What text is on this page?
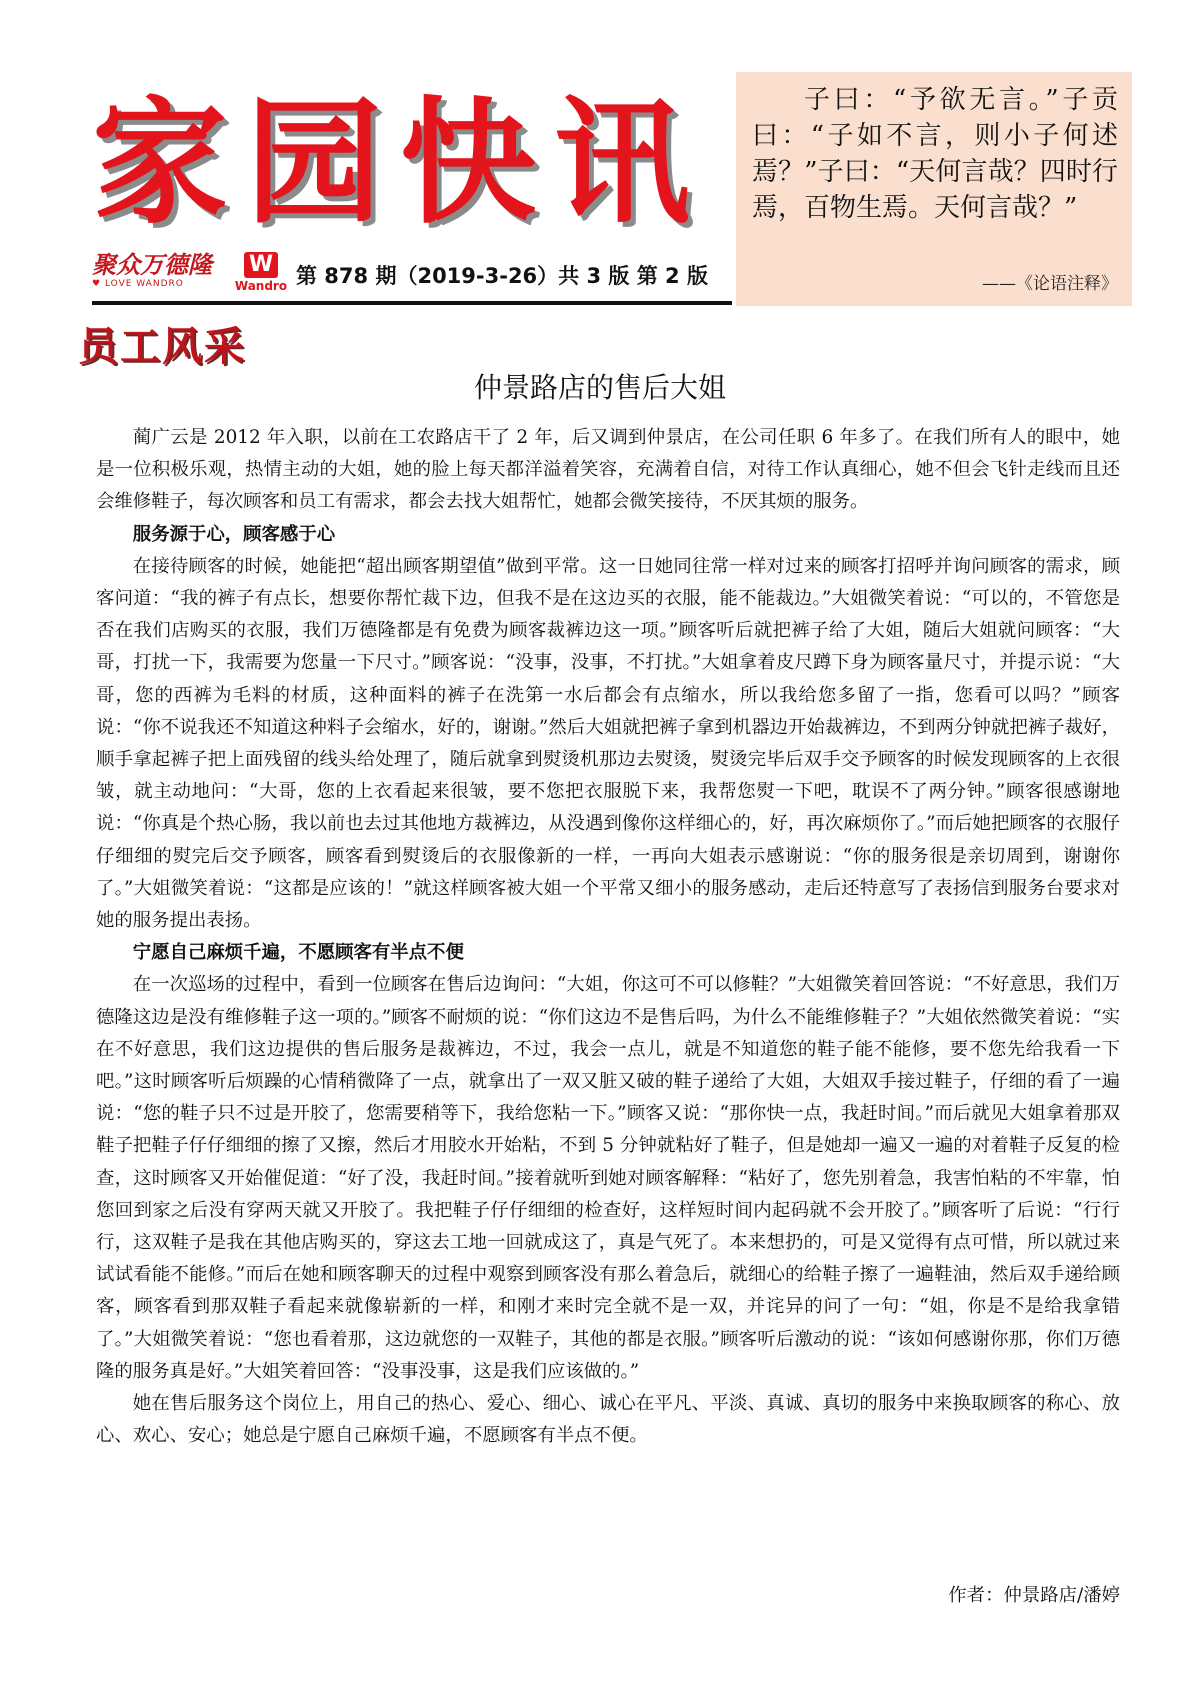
家园快讯
聚众万德隆
♥ LOVE WANDRO
W
Wandro 第 878 期（2019-3-26）共 3 版 第 2 版
子曰：“予欲无言。”子贡曰：“子如不言，则小子何述焉？”子曰：“天何言哉？四时行焉，百物生焉。天何言哉？”
——《论语注释》
员工风采
仲景路店的售后大姐

蔺广云是 2012 年入职，以前在工农路店干了 2 年，后又调到仲景店，在公司任职 6 年多了。在我们所有人的眼中，她是一位积极乐观，热情主动的大姐，她的脸上每天都洋溢着笑容，充满着自信，对待工作认真细心，她不但会飞针走线而且还会维修鞋子，每次顾客和员工有需求，都会去找大姐帮忙，她都会微笑接待，不厌其烦的服务。

服务源于心，顾客感于心

在接待顾客的时候，她能把“超出顾客期望值”做到平常。这一日她同往常一样对过来的顾客打招呼并询问顾客的需求，顾客问道：“我的裤子有点长，想要你帮忙裁下边，但我不是在这边买的衣服，能不能裁边。”大姐微笑着说：“可以的，不管您是否在我们店购买的衣服，我们万德隆都是有免费为顾客裁裤边这一项。”顾客听后就把裤子给了大姐，随后大姐就问顾客：“大哥，打扰一下，我需要为您量一下尺寸。”顾客说：“没事，没事，不打扰。”大姐拿着皮尺蹲下身为顾客量尺寸，并提示说：“大哥，您的西裤为毛料的材质，这种面料的裤子在洗第一水后都会有点缩水，所以我给您多留了一指，您看可以吗？”顾客说：“你不说我还不知道这种料子会缩水，好的，谢谢。”然后大姐就把裤子拿到机器边开始裁裤边，不到两分钟就把裤子裁好，顺手拿起裤子把上面残留的线头给处理了，随后就拿到熨烫机那边去熨烫，熨烫完毕后双手交予顾客的时候发现顾客的上衣很皱，就主动地问：“大哥，您的上衣看起来很皱，要不您把衣服脱下来，我帮您熨一下吧，耽误不了两分钟。”顾客很感谢地说：“你真是个热心肠，我以前也去过其他地方裁裤边，从没遇到像你这样细心的，好，再次麻烦你了。”而后她把顾客的衣服仔仔细细的熨完后交予顾客，顾客看到熨烫后的衣服像新的一样，一再向大姐表示感谢说：“你的服务很是亲切周到，谢谢你了。”大姐微笑着说：“这都是应该的！”就这样顾客被大姐一个平常又细小的服务感动，走后还特意写了表扬信到服务台要求对她的服务提出表扬。

宁愿自己麻烦千遍，不愿顾客有半点不便

在一次巡场的过程中，看到一位顾客在售后边询问：“大姐，你这可不可以修鞋？”大姐微笑着回答说：“不好意思，我们万德隆这边是没有维修鞋子这一项的。”顾客不耐烦的说：“你们这边不是售后吗，为什么不能维修鞋子？”大姐依然微笑着说：“实在不好意思，我们这边提供的售后服务是裁裤边，不过，我会一点儿，就是不知道您的鞋子能不能修，要不您先给我看一下吧。”这时顾客听后烦躁的心情稍微降了一点，就拿出了一双又脏又破的鞋子递给了大姐，大姐双手接过鞋子，仔细的看了一遍说：“您的鞋子只不过是开胶了，您需要稍等下，我给您粘一下。”顾客又说：“那你快一点，我赶时间。”而后就见大姐拿着那双鞋子把鞋子仔仔细细的擦了又擦，然后才用胶水开始粘，不到 5 分钟就粘好了鞋子，但是她却一遍又一遍的对着鞋子反复的检查，这时顾客又开始催促道：“好了没，我赶时间。”接着就听到她对顾客解释：“粘好了，您先别着急，我害怕粘的不牢靠，怕您回到家之后没有穿两天就又开胶了。我把鞋子仔仔细细的检查好，这样短时间内起码就不会开胶了。”顾客听了后说：“行行行，这双鞋子是我在其他店购买的，穿这去工地一回就成这了，真是气死了。本来想扔的，可是又觉得有点可惜，所以就过来试试看能不能修。”而后在她和顾客聊天的过程中观察到顾客没有那么着急后，就细心的给鞋子擦了一遍鞋油，然后双手递给顾客，顾客看到那双鞋子看起来就像崭新的一样，和刚才来时完全就不是一双，并诧异的问了一句：“姐，你是不是给我拿错了。”大姐微笑着说：“您也看着那，这边就您的一双鞋子，其他的都是衣服。”顾客听后激动的说：“该如何感谢你那，你们万德隆的服务真是好。”大姐笑着回答：“没事没事，这是我们应该做的。”

她在售后服务这个岗位上，用自己的热心、爱心、细心、诚心在平凡、平淡、真诚、真切的服务中来换取顾客的称心、放心、欢心、安心；她总是宁愿自己麻烦千遍，不愿顾客有半点不便。

作者：仲景路店/潘婷
